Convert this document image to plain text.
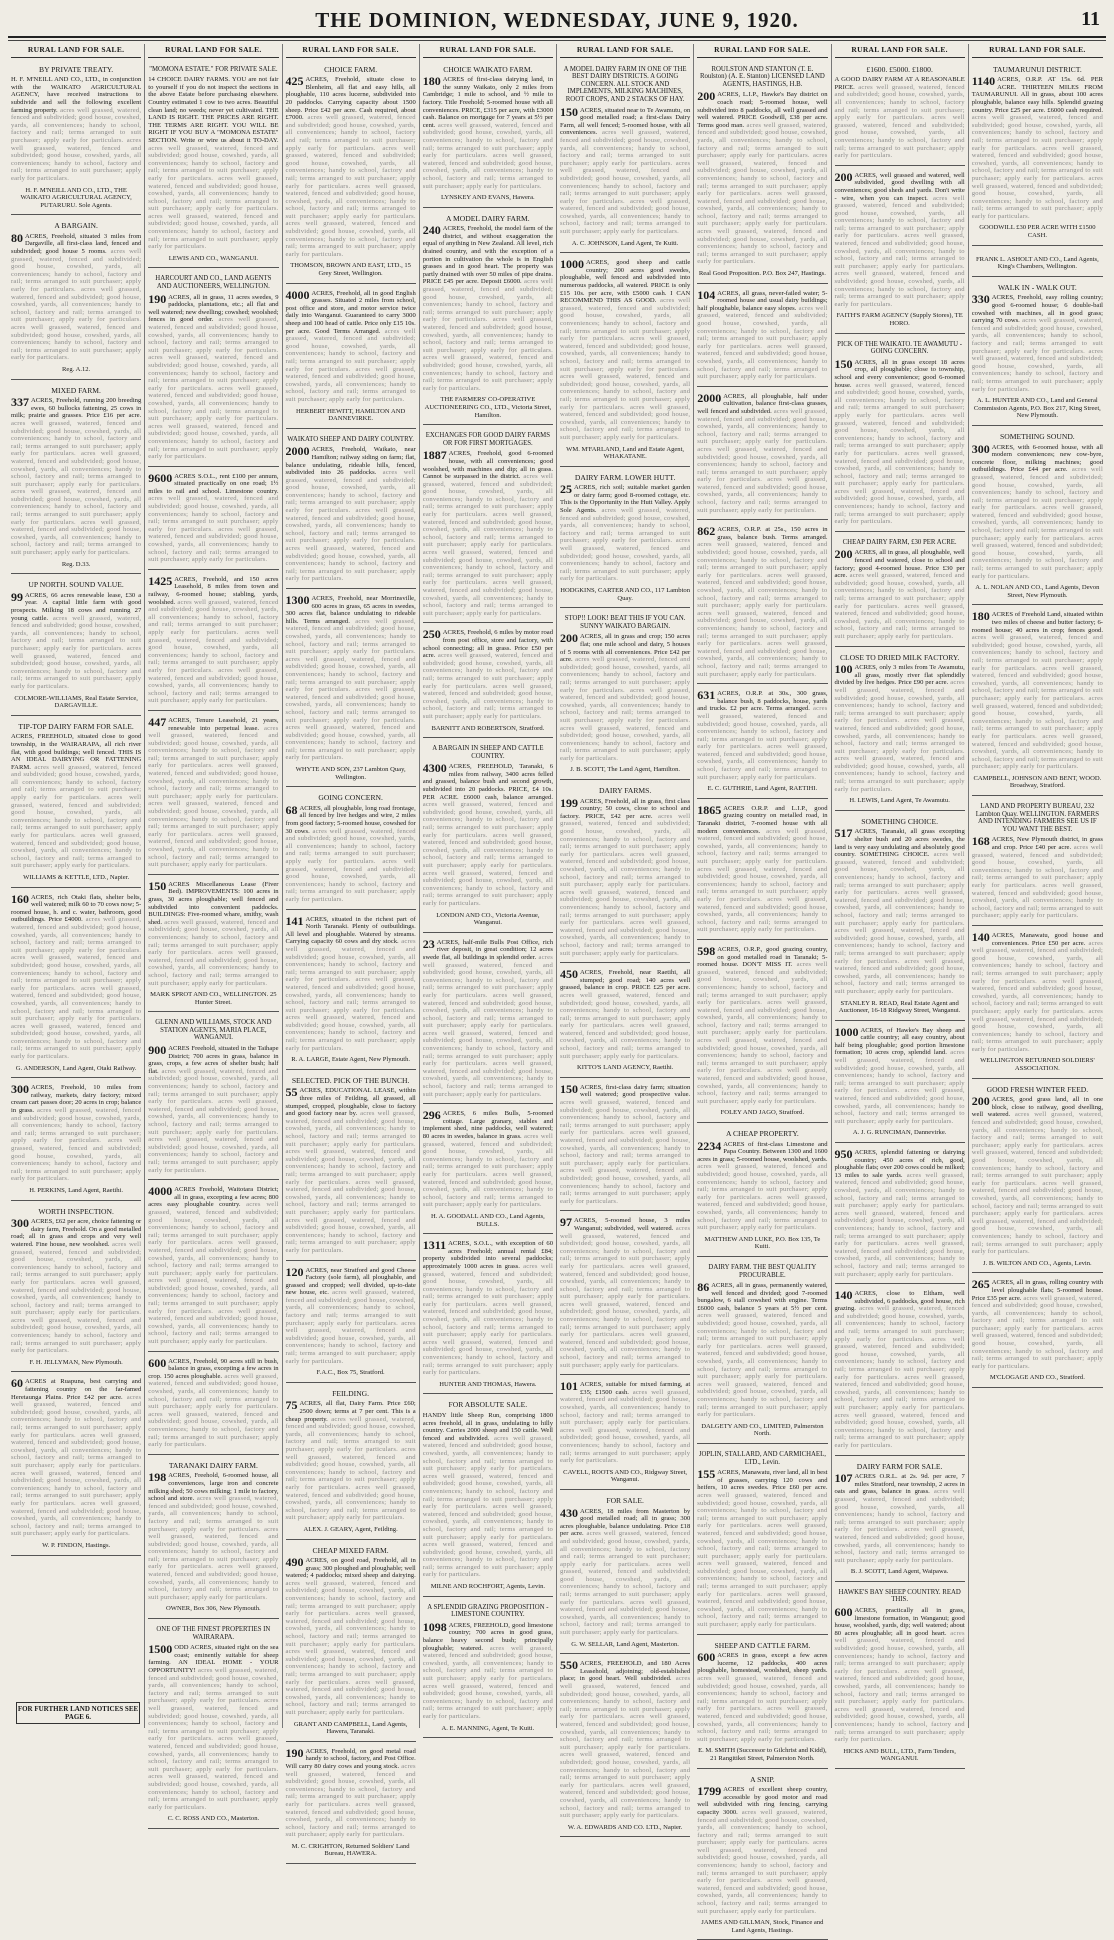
THE DOMINION, WEDNESDAY, JUNE 9, 1920.	11
RURAL LAND FOR SALE.
BY PRIVATE TREATY.
H. F. M'NEILL AND CO., LTD., in conjunction with the WAIKATO AGRICULTURAL AGENCY, have received instructions to subdivide and sell the following excellent farming property. acres well grassed, watered, fenced and subdivided; good house, cowshed, yards, all conveniences; handy to school, factory and rail; terms arranged to suit purchaser; apply early for particulars. acres well grassed, watered, fenced and subdivided; good house, cowshed, yards, all conveniences; handy to school, factory and rail; terms arranged to suit purchaser; apply early for particulars.
H. F. M'NEILL AND CO., LTD., THE WAIKATO AGRICULTURAL AGENCY, PUTARURU. Sole Agents.
A BARGAIN.
80 ACRES, Freehold, situated 3 miles from Dargaville, all first-class land, fenced and subdivided; good house 5 rooms. acres well grassed, watered, fenced and subdivided; good house, cowshed, yards, all conveniences; handy to school, factory and rail; terms arranged to suit purchaser; apply early for particulars. acres well grassed, watered, fenced and subdivided; good house, cowshed, yards, all conveniences; handy to school, factory and rail; terms arranged to suit purchaser; apply early for particulars. acres well grassed, watered, fenced and subdivided; good house, cowshed, yards, all conveniences; handy to school, factory and rail; terms arranged to suit purchaser; apply early for particulars.
Reg. A.12.
MIXED FARM.
337 ACRES, Freehold, running 200 breeding ewes, 60 bullocks fattening, 25 cows in milk; prairie and grasses. Price £16 per acre. acres well grassed, watered, fenced and subdivided; good house, cowshed, yards, all conveniences; handy to school, factory and rail; terms arranged to suit purchaser; apply early for particulars. acres well grassed, watered, fenced and subdivided; good house, cowshed, yards, all conveniences; handy to school, factory and rail; terms arranged to suit purchaser; apply early for particulars. acres well grassed, watered, fenced and subdivided; good house, cowshed, yards, all conveniences; handy to school, factory and rail; terms arranged to suit purchaser; apply early for particulars. acres well grassed, watered, fenced and subdivided; good house, cowshed, yards, all conveniences; handy to school, factory and rail; terms arranged to suit purchaser; apply early for particulars.
Reg. D.33.
UP NORTH. SOUND VALUE.
99 ACRES, 66 acres renewable lease, £30 a year. A capital little farm with good prospects. Milking 18 cows and running 27 young cattle. acres well grassed, watered, fenced and subdivided; good house, cowshed, yards, all conveniences; handy to school, factory and rail; terms arranged to suit purchaser; apply early for particulars. acres well grassed, watered, fenced and subdivided; good house, cowshed, yards, all conveniences; handy to school, factory and rail; terms arranged to suit purchaser; apply early for particulars.
COLMORE-WILLIAMS, Real Estate Service, DARGAVILLE.
TIP-TOP DAIRY FARM FOR SALE.
ACRES, FREEHOLD, situated close to good township, in the WAIRARAPA, all rich river flat, with good buildings; well fenced. THIS IS AN IDEAL DAIRYING OR FATTENING FARM. acres well grassed, watered, fenced and subdivided; good house, cowshed, yards, all conveniences; handy to school, factory and rail; terms arranged to suit purchaser; apply early for particulars. acres well grassed, watered, fenced and subdivided; good house, cowshed, yards, all conveniences; handy to school, factory and rail; terms arranged to suit purchaser; apply early for particulars. acres well grassed, watered, fenced and subdivided; good house, cowshed, yards, all conveniences; handy to school, factory and rail; terms arranged to suit purchaser; apply early for particulars.
WILLIAMS & KETTLE, LTD., Napier.
160 ACRES, rich Otaki flats, shelter belts, well watered; milk 60 to 70 cows now; 5-roomed house, h. and c. water, bathroom, good outbuildings. Price £4000. acres well grassed, watered, fenced and subdivided; good house, cowshed, yards, all conveniences; handy to school, factory and rail; terms arranged to suit purchaser; apply early for particulars. acres well grassed, watered, fenced and subdivided; good house, cowshed, yards, all conveniences; handy to school, factory and rail; terms arranged to suit purchaser; apply early for particulars. acres well grassed, watered, fenced and subdivided; good house, cowshed, yards, all conveniences; handy to school, factory and rail; terms arranged to suit purchaser; apply early for particulars. acres well grassed, watered, fenced and subdivided; good house, cowshed, yards, all conveniences; handy to school, factory and rail; terms arranged to suit purchaser; apply early for particulars.
G. ANDERSON, Land Agent, Otaki Railway.
300 ACRES, Freehold, 10 miles from railway, markets, dairy factory; mixed cream cart passes door; 20 acres in crop; balance in grass. acres well grassed, watered, fenced and subdivided; good house, cowshed, yards, all conveniences; handy to school, factory and rail; terms arranged to suit purchaser; apply early for particulars. acres well grassed, watered, fenced and subdivided; good house, cowshed, yards, all conveniences; handy to school, factory and rail; terms arranged to suit purchaser; apply early for particulars.
H. PERKINS, Land Agent, Raetihi.
WORTH INSPECTION.
300 ACRES, £62 per acre, choice fattening or dairy farm, Freehold. On a good metalled road; all in grass and crops and very well watered. Fine house, new woolshed. acres well grassed, watered, fenced and subdivided; good house, cowshed, yards, all conveniences; handy to school, factory and rail; terms arranged to suit purchaser; apply early for particulars. acres well grassed, watered, fenced and subdivided; good house, cowshed, yards, all conveniences; handy to school, factory and rail; terms arranged to suit purchaser; apply early for particulars. acres well grassed, watered, fenced and subdivided; good house, cowshed, yards, all conveniences; handy to school, factory and rail; terms arranged to suit purchaser; apply early for particulars.
F. H. JELLYMAN, New Plymouth.
60 ACRES at Ruapuna, best carrying and fattening country on the far-famed Heretaunga Plains. Price £42 per acre. acres well grassed, watered, fenced and subdivided; good house, cowshed, yards, all conveniences; handy to school, factory and rail; terms arranged to suit purchaser; apply early for particulars. acres well grassed, watered, fenced and subdivided; good house, cowshed, yards, all conveniences; handy to school, factory and rail; terms arranged to suit purchaser; apply early for particulars. acres well grassed, watered, fenced and subdivided; good house, cowshed, yards, all conveniences; handy to school, factory and rail; terms arranged to suit purchaser; apply early for particulars. acres well grassed, watered, fenced and subdivided; good house, cowshed, yards, all conveniences; handy to school, factory and rail; terms arranged to suit purchaser; apply early for particulars.
W. P. FINDON, Hastings.
RURAL LAND FOR SALE.
"MOMONA ESTATE." FOR PRIVATE SALE.
14 CHOICE DAIRY FARMS. YOU are not fair to yourself if you do not inspect the sections in the above Estate before purchasing elsewhere. Country estimated 1 cow to two acres. Beautiful clean land; no weeds; never yet cultivated. THE LAND IS RIGHT. THE PRICES ARE RIGHT. THE TERMS ARE RIGHT. YOU WILL BE RIGHT IF YOU BUY A "MOMONA ESTATE" SECTION. Write or wire us about it TO-DAY. acres well grassed, watered, fenced and subdivided; good house, cowshed, yards, all conveniences; handy to school, factory and rail; terms arranged to suit purchaser; apply early for particulars. acres well grassed, watered, fenced and subdivided; good house, cowshed, yards, all conveniences; handy to school, factory and rail; terms arranged to suit purchaser; apply early for particulars. acres well grassed, watered, fenced and subdivided; good house, cowshed, yards, all conveniences; handy to school, factory and rail; terms arranged to suit purchaser; apply early for particulars.
LEWIS AND CO., WANGANUI.
HARCOURT AND CO., LAND AGENTS AND AUCTIONEERS, WELLINGTON.
190 ACRES, all in grass, 11 acres swedes, 9 paddocks, plantations, etc.; all flat and well watered; new dwelling; cowshed; woolshed; fences in good order. acres well grassed, watered, fenced and subdivided; good house, cowshed, yards, all conveniences; handy to school, factory and rail; terms arranged to suit purchaser; apply early for particulars. acres well grassed, watered, fenced and subdivided; good house, cowshed, yards, all conveniences; handy to school, factory and rail; terms arranged to suit purchaser; apply early for particulars. acres well grassed, watered, fenced and subdivided; good house, cowshed, yards, all conveniences; handy to school, factory and rail; terms arranged to suit purchaser; apply early for particulars. acres well grassed, watered, fenced and subdivided; good house, cowshed, yards, all conveniences; handy to school, factory and rail; terms arranged to suit purchaser; apply early for particulars.
9600 ACRES S.O.L., rent £100 per annum, situated practically on one road; 1½ miles to rail and school. Limestone country. acres well grassed, watered, fenced and subdivided; good house, cowshed, yards, all conveniences; handy to school, factory and rail; terms arranged to suit purchaser; apply early for particulars. acres well grassed, watered, fenced and subdivided; good house, cowshed, yards, all conveniences; handy to school, factory and rail; terms arranged to suit purchaser; apply early for particulars.
1425 ACRES, Freehold, and 150 acres Leasehold, 8 miles from town and railway, 6-roomed house; stabling, yards, woolshed. acres well grassed, watered, fenced and subdivided; good house, cowshed, yards, all conveniences; handy to school, factory and rail; terms arranged to suit purchaser; apply early for particulars. acres well grassed, watered, fenced and subdivided; good house, cowshed, yards, all conveniences; handy to school, factory and rail; terms arranged to suit purchaser; apply early for particulars. acres well grassed, watered, fenced and subdivided; good house, cowshed, yards, all conveniences; handy to school, factory and rail; terms arranged to suit purchaser; apply early for particulars.
447 ACRES, Tenure Leasehold, 21 years, renewable into perpetual lease. acres well grassed, watered, fenced and subdivided; good house, cowshed, yards, all conveniences; handy to school, factory and rail; terms arranged to suit purchaser; apply early for particulars. acres well grassed, watered, fenced and subdivided; good house, cowshed, yards, all conveniences; handy to school, factory and rail; terms arranged to suit purchaser; apply early for particulars. acres well grassed, watered, fenced and subdivided; good house, cowshed, yards, all conveniences; handy to school, factory and rail; terms arranged to suit purchaser; apply early for particulars. acres well grassed, watered, fenced and subdivided; good house, cowshed, yards, all conveniences; handy to school, factory and rail; terms arranged to suit purchaser; apply early for particulars.
150 ACRES Miscellaneous Lease (Fiver Bed). IMPROVEMENTS: 100 acres in grass, 30 acres ploughable; well fenced and subdivided into convenient paddocks. BUILDINGS: Five-roomed whare, smithy, wash shed. acres well grassed, watered, fenced and subdivided; good house, cowshed, yards, all conveniences; handy to school, factory and rail; terms arranged to suit purchaser; apply early for particulars. acres well grassed, watered, fenced and subdivided; good house, cowshed, yards, all conveniences; handy to school, factory and rail; terms arranged to suit purchaser; apply early for particulars.
MARK SPROT AND CO., WELLINGTON. 25 Hunter Street.
GLENN AND WILLIAMS, STOCK AND STATION AGENTS, MARIA PLACE, WANGANUI.
900 ACRES Freehold, situated in the Taihape District; 700 acres in grass, balance in grass, crops, a few acres of shelter bush; half flat. acres well grassed, watered, fenced and subdivided; good house, cowshed, yards, all conveniences; handy to school, factory and rail; terms arranged to suit purchaser; apply early for particulars. acres well grassed, watered, fenced and subdivided; good house, cowshed, yards, all conveniences; handy to school, factory and rail; terms arranged to suit purchaser; apply early for particulars. acres well grassed, watered, fenced and subdivided; good house, cowshed, yards, all conveniences; handy to school, factory and rail; terms arranged to suit purchaser; apply early for particulars.
4000 ACRES Freehold, Waitotara District; all in grass, excepting a few acres; 800 acres easy ploughable country. acres well grassed, watered, fenced and subdivided; good house, cowshed, yards, all conveniences; handy to school, factory and rail; terms arranged to suit purchaser; apply early for particulars. acres well grassed, watered, fenced and subdivided; good house, cowshed, yards, all conveniences; handy to school, factory and rail; terms arranged to suit purchaser; apply early for particulars. acres well grassed, watered, fenced and subdivided; good house, cowshed, yards, all conveniences; handy to school, factory and rail; terms arranged to suit purchaser; apply early for particulars. acres well grassed, watered, fenced and subdivided; good house, cowshed, yards, all conveniences; handy to school, factory and rail; terms arranged to suit purchaser; apply early for particulars.
600 ACRES, Freehold, 90 acres still in bush, balance in grass, excepting a few acres in crop. 150 acres ploughable. acres well grassed, watered, fenced and subdivided; good house, cowshed, yards, all conveniences; handy to school, factory and rail; terms arranged to suit purchaser; apply early for particulars. acres well grassed, watered, fenced and subdivided; good house, cowshed, yards, all conveniences; handy to school, factory and rail; terms arranged to suit purchaser; apply early for particulars.
TARANAKI DAIRY FARM.
198 ACRES, Freehold, 6-roomed house, all conveniences, large iron and concrete milking shed; 50 cows milking; 1 mile to factory, school and store. acres well grassed, watered, fenced and subdivided; good house, cowshed, yards, all conveniences; handy to school, factory and rail; terms arranged to suit purchaser; apply early for particulars. acres well grassed, watered, fenced and subdivided; good house, cowshed, yards, all conveniences; handy to school, factory and rail; terms arranged to suit purchaser; apply early for particulars. acres well grassed, watered, fenced and subdivided; good house, cowshed, yards, all conveniences; handy to school, factory and rail; terms arranged to suit purchaser; apply early for particulars.
OWNER, Box 306, New Plymouth.
ONE OF THE FINEST PROPERTIES IN WAIRARAPA.
1500 ODD ACRES, situated right on the sea coast; eminently suitable for sheep farming. AN IDEAL HOME - YOUR OPPORTUNITY! acres well grassed, watered, fenced and subdivided; good house, cowshed, yards, all conveniences; handy to school, factory and rail; terms arranged to suit purchaser; apply early for particulars. acres well grassed, watered, fenced and subdivided; good house, cowshed, yards, all conveniences; handy to school, factory and rail; terms arranged to suit purchaser; apply early for particulars. acres well grassed, watered, fenced and subdivided; good house, cowshed, yards, all conveniences; handy to school, factory and rail; terms arranged to suit purchaser; apply early for particulars. acres well grassed, watered, fenced and subdivided; good house, cowshed, yards, all conveniences; handy to school, factory and rail; terms arranged to suit purchaser; apply early for particulars.
C. C. ROSS AND CO., Masterton.
RURAL LAND FOR SALE.
CHOICE FARM.
425 ACRES, Freehold, situate close to Blenheim, all flat and easy hills, all ploughable, 110 acres lucerne, subdivided into 20 paddocks. Carrying capacity about 1500 sheep. Price £42 per acre. Cash required, about £7000. acres well grassed, watered, fenced and subdivided; good house, cowshed, yards, all conveniences; handy to school, factory and rail; terms arranged to suit purchaser; apply early for particulars. acres well grassed, watered, fenced and subdivided; good house, cowshed, yards, all conveniences; handy to school, factory and rail; terms arranged to suit purchaser; apply early for particulars. acres well grassed, watered, fenced and subdivided; good house, cowshed, yards, all conveniences; handy to school, factory and rail; terms arranged to suit purchaser; apply early for particulars. acres well grassed, watered, fenced and subdivided; good house, cowshed, yards, all conveniences; handy to school, factory and rail; terms arranged to suit purchaser; apply early for particulars.
THOMSON, BROWN AND EAST, LTD., 15 Grey Street, Wellington.
4000 ACRES, Freehold, all in good English grasses. Situated 2 miles from school, post office and store, and motor service twice daily into Wanganui. Guaranteed to carry 3000 sheep and 100 head of cattle. Price only £15 10s. per acre. Good Terms Arranged. acres well grassed, watered, fenced and subdivided; good house, cowshed, yards, all conveniences; handy to school, factory and rail; terms arranged to suit purchaser; apply early for particulars. acres well grassed, watered, fenced and subdivided; good house, cowshed, yards, all conveniences; handy to school, factory and rail; terms arranged to suit purchaser; apply early for particulars.
HERBERT HEWITT, HAMILTON AND DANNEVIRKE.
WAIKATO SHEEP AND DAIRY COUNTRY.
2000 ACRES, Freehold, Waikato, near Hamilton; railway siding on farm; flat, balance undulating, rideable hills, fenced, subdivided into 26 paddocks. acres well grassed, watered, fenced and subdivided; good house, cowshed, yards, all conveniences; handy to school, factory and rail; terms arranged to suit purchaser; apply early for particulars. acres well grassed, watered, fenced and subdivided; good house, cowshed, yards, all conveniences; handy to school, factory and rail; terms arranged to suit purchaser; apply early for particulars. acres well grassed, watered, fenced and subdivided; good house, cowshed, yards, all conveniences; handy to school, factory and rail; terms arranged to suit purchaser; apply early for particulars.
1300 ACRES, Freehold, near Morrinsville, 600 acres in grass, 65 acres in swedes, 300 acres flat, balance undulating to rideable hills. Terms arranged. acres well grassed, watered, fenced and subdivided; good house, cowshed, yards, all conveniences; handy to school, factory and rail; terms arranged to suit purchaser; apply early for particulars. acres well grassed, watered, fenced and subdivided; good house, cowshed, yards, all conveniences; handy to school, factory and rail; terms arranged to suit purchaser; apply early for particulars. acres well grassed, watered, fenced and subdivided; good house, cowshed, yards, all conveniences; handy to school, factory and rail; terms arranged to suit purchaser; apply early for particulars. acres well grassed, watered, fenced and subdivided; good house, cowshed, yards, all conveniences; handy to school, factory and rail; terms arranged to suit purchaser; apply early for particulars.
WHYTE AND SON, 237 Lambton Quay, Wellington.
GOING CONCERN.
68 ACRES, all ploughable, long road frontage, all fenced by live hedges and wire, 2 miles from good factory; 5-roomed house, cowshed for 30 cows. acres well grassed, watered, fenced and subdivided; good house, cowshed, yards, all conveniences; handy to school, factory and rail; terms arranged to suit purchaser; apply early for particulars. acres well grassed, watered, fenced and subdivided; good house, cowshed, yards, all conveniences; handy to school, factory and rail; terms arranged to suit purchaser; apply early for particulars.
141 ACRES, situated in the richest part of North Taranaki. Plenty of outbuildings. All level and ploughable. Watered by streams. Carrying capacity 60 cows and dry stock. acres well grassed, watered, fenced and subdivided; good house, cowshed, yards, all conveniences; handy to school, factory and rail; terms arranged to suit purchaser; apply early for particulars. acres well grassed, watered, fenced and subdivided; good house, cowshed, yards, all conveniences; handy to school, factory and rail; terms arranged to suit purchaser; apply early for particulars. acres well grassed, watered, fenced and subdivided; good house, cowshed, yards, all conveniences; handy to school, factory and rail; terms arranged to suit purchaser; apply early for particulars.
R. A. LARGE, Estate Agent, New Plymouth.
SELECTED. PICK OF THE BUNCH.
55 ACRES, EDUCATIONAL LEASE, within three miles of Feilding, all grassed, all stumped, cropped, ploughable, close to factory and good factory near by. acres well grassed, watered, fenced and subdivided; good house, cowshed, yards, all conveniences; handy to school, factory and rail; terms arranged to suit purchaser; apply early for particulars. acres well grassed, watered, fenced and subdivided; good house, cowshed, yards, all conveniences; handy to school, factory and rail; terms arranged to suit purchaser; apply early for particulars. acres well grassed, watered, fenced and subdivided; good house, cowshed, yards, all conveniences; handy to school, factory and rail; terms arranged to suit purchaser; apply early for particulars. acres well grassed, watered, fenced and subdivided; good house, cowshed, yards, all conveniences; handy to school, factory and rail; terms arranged to suit purchaser; apply early for particulars.
120 ACRES, near Stratford and good Cheese Factory (sole farm), all ploughable, and grassed and cropped; well divided, up-to-date new house, etc. acres well grassed, watered, fenced and subdivided; good house, cowshed, yards, all conveniences; handy to school, factory and rail; terms arranged to suit purchaser; apply early for particulars. acres well grassed, watered, fenced and subdivided; good house, cowshed, yards, all conveniences; handy to school, factory and rail; terms arranged to suit purchaser; apply early for particulars.
F.A.C., Box 75, Stratford.
FEILDING.
75 ACRES, all flat, Dairy Farm. Price £60; 2500 down; terms at 7 per cent. This is a cheap property. acres well grassed, watered, fenced and subdivided; good house, cowshed, yards, all conveniences; handy to school, factory and rail; terms arranged to suit purchaser; apply early for particulars. acres well grassed, watered, fenced and subdivided; good house, cowshed, yards, all conveniences; handy to school, factory and rail; terms arranged to suit purchaser; apply early for particulars. acres well grassed, watered, fenced and subdivided; good house, cowshed, yards, all conveniences; handy to school, factory and rail; terms arranged to suit purchaser; apply early for particulars.
ALEX. J. GEARY, Agent, Feilding.
CHEAP MIXED FARM.
490 ACRES, on good road, Freehold, all in grass; 300 ploughed and ploughable; well watered; 4 paddocks; mixed sheep and dairying. acres well grassed, watered, fenced and subdivided; good house, cowshed, yards, all conveniences; handy to school, factory and rail; terms arranged to suit purchaser; apply early for particulars. acres well grassed, watered, fenced and subdivided; good house, cowshed, yards, all conveniences; handy to school, factory and rail; terms arranged to suit purchaser; apply early for particulars. acres well grassed, watered, fenced and subdivided; good house, cowshed, yards, all conveniences; handy to school, factory and rail; terms arranged to suit purchaser; apply early for particulars. acres well grassed, watered, fenced and subdivided; good house, cowshed, yards, all conveniences; handy to school, factory and rail; terms arranged to suit purchaser; apply early for particulars.
GRANT AND CAMPBELL, Land Agents, Hawera, Taranaki.
190 ACRES, Freehold, on good metal road handy to school, factory, and Post Office. Will carry 80 dairy cows and young stock. acres well grassed, watered, fenced and subdivided; good house, cowshed, yards, all conveniences; handy to school, factory and rail; terms arranged to suit purchaser; apply early for particulars. acres well grassed, watered, fenced and subdivided; good house, cowshed, yards, all conveniences; handy to school, factory and rail; terms arranged to suit purchaser; apply early for particulars.
M. C. CRIGHTON, Returned Soldiers' Land Bureau, HAWERA.
RURAL LAND FOR SALE.
CHOICE WAIKATO FARM.
180 ACRES of first-class dairying land, in the sunny Waikato, only 2 miles from Cambridge; 1 mile to school, and ½ mile to factory. Title Freehold; 5-roomed house with all conveniences. PRICE, £315 per acre, with £3000 cash. Balance on mortgage for 7 years at 5½ per cent. acres well grassed, watered, fenced and subdivided; good house, cowshed, yards, all conveniences; handy to school, factory and rail; terms arranged to suit purchaser; apply early for particulars. acres well grassed, watered, fenced and subdivided; good house, cowshed, yards, all conveniences; handy to school, factory and rail; terms arranged to suit purchaser; apply early for particulars.
LYNSKEY AND EVANS, Hawera.
A MODEL DAIRY FARM.
240 ACRES, Freehold, the model farm of the district, and without exaggeration the equal of anything in New Zealand. All level, rich drained country, and with the exception of a portion in cultivation the whole is in English grasses and in good heart. The property was partly drained with over 50 miles of pipe drains. PRICE £45 per acre. Deposit £6000. acres well grassed, watered, fenced and subdivided; good house, cowshed, yards, all conveniences; handy to school, factory and rail; terms arranged to suit purchaser; apply early for particulars. acres well grassed, watered, fenced and subdivided; good house, cowshed, yards, all conveniences; handy to school, factory and rail; terms arranged to suit purchaser; apply early for particulars. acres well grassed, watered, fenced and subdivided; good house, cowshed, yards, all conveniences; handy to school, factory and rail; terms arranged to suit purchaser; apply early for particulars.
THE FARMERS' CO-OPERATIVE AUCTIONEERING CO., LTD., Victoria Street, Hamilton.
EXCHANGES FOR GOOD DAIRY FARMS OR FOR FIRST MORTGAGES.
1887 ACRES, Freehold, good 6-roomed house, with all conveniences; good woolshed, with machines and dip; all in grass. Cannot be surpassed in the district. acres well grassed, watered, fenced and subdivided; good house, cowshed, yards, all conveniences; handy to school, factory and rail; terms arranged to suit purchaser; apply early for particulars. acres well grassed, watered, fenced and subdivided; good house, cowshed, yards, all conveniences; handy to school, factory and rail; terms arranged to suit purchaser; apply early for particulars. acres well grassed, watered, fenced and subdivided; good house, cowshed, yards, all conveniences; handy to school, factory and rail; terms arranged to suit purchaser; apply early for particulars. acres well grassed, watered, fenced and subdivided; good house, cowshed, yards, all conveniences; handy to school, factory and rail; terms arranged to suit purchaser; apply early for particulars.
250 ACRES, Freehold, 6 miles by motor road from post office, store and factory, with school connecting; all in grass. Price £50 per acre. acres well grassed, watered, fenced and subdivided; good house, cowshed, yards, all conveniences; handy to school, factory and rail; terms arranged to suit purchaser; apply early for particulars. acres well grassed, watered, fenced and subdivided; good house, cowshed, yards, all conveniences; handy to school, factory and rail; terms arranged to suit purchaser; apply early for particulars.
BARNITT AND ROBERTSON, Stratford.
A BARGAIN IN SHEEP AND CATTLE COUNTRY.
4300 ACRES, FREEHOLD, Taranaki, 6 miles from railway, 3400 acres felled and grassed, balance bush and second growth, subdivided into 20 paddocks. PRICE, £4 10s. PER ACRE. £6000 cash, balance arranged. acres well grassed, watered, fenced and subdivided; good house, cowshed, yards, all conveniences; handy to school, factory and rail; terms arranged to suit purchaser; apply early for particulars. acres well grassed, watered, fenced and subdivided; good house, cowshed, yards, all conveniences; handy to school, factory and rail; terms arranged to suit purchaser; apply early for particulars. acres well grassed, watered, fenced and subdivided; good house, cowshed, yards, all conveniences; handy to school, factory and rail; terms arranged to suit purchaser; apply early for particulars.
LONDON AND CO., Victoria Avenue, Wanganui.
23 ACRES, half-mile Bulls Post Office, rich river deposit, in great condition; 12 acres swede flat, all buildings in splendid order. acres well grassed, watered, fenced and subdivided; good house, cowshed, yards, all conveniences; handy to school, factory and rail; terms arranged to suit purchaser; apply early for particulars. acres well grassed, watered, fenced and subdivided; good house, cowshed, yards, all conveniences; handy to school, factory and rail; terms arranged to suit purchaser; apply early for particulars. acres well grassed, watered, fenced and subdivided; good house, cowshed, yards, all conveniences; handy to school, factory and rail; terms arranged to suit purchaser; apply early for particulars. acres well grassed, watered, fenced and subdivided; good house, cowshed, yards, all conveniences; handy to school, factory and rail; terms arranged to suit purchaser; apply early for particulars.
296 ACRES, 6 miles Bulls, 5-roomed cottage. Large granary, stables and implement shed, nine paddocks, well watered; 80 acres in swedes, balance in grass. acres well grassed, watered, fenced and subdivided; good house, cowshed, yards, all conveniences; handy to school, factory and rail; terms arranged to suit purchaser; apply early for particulars. acres well grassed, watered, fenced and subdivided; good house, cowshed, yards, all conveniences; handy to school, factory and rail; terms arranged to suit purchaser; apply early for particulars.
H. A. GOODALL AND CO., Land Agents, BULLS.
1311 ACRES, S.O.L., with exception of 60 acres Freehold; annual rental £84; property subdivided into several paddocks; approximately 1000 acres in grass. acres well grassed, watered, fenced and subdivided; good house, cowshed, yards, all conveniences; handy to school, factory and rail; terms arranged to suit purchaser; apply early for particulars. acres well grassed, watered, fenced and subdivided; good house, cowshed, yards, all conveniences; handy to school, factory and rail; terms arranged to suit purchaser; apply early for particulars. acres well grassed, watered, fenced and subdivided; good house, cowshed, yards, all conveniences; handy to school, factory and rail; terms arranged to suit purchaser; apply early for particulars.
HUNTER AND THOMAS, Hawera.
FOR ABSOLUTE SALE.
HANDY little Sheep Run, comprising 1800 acres freehold, all in grass, undulating to hilly country. Carries 2000 sheep and 150 cattle. Well fenced and subdivided. acres well grassed, watered, fenced and subdivided; good house, cowshed, yards, all conveniences; handy to school, factory and rail; terms arranged to suit purchaser; apply early for particulars. acres well grassed, watered, fenced and subdivided; good house, cowshed, yards, all conveniences; handy to school, factory and rail; terms arranged to suit purchaser; apply early for particulars. acres well grassed, watered, fenced and subdivided; good house, cowshed, yards, all conveniences; handy to school, factory and rail; terms arranged to suit purchaser; apply early for particulars. acres well grassed, watered, fenced and subdivided; good house, cowshed, yards, all conveniences; handy to school, factory and rail; terms arranged to suit purchaser; apply early for particulars.
MILNE AND ROCHFORT, Agents, Levin.
A SPLENDID GRAZING PROPOSITION - LIMESTONE COUNTRY.
1098 ACRES, FREEHOLD, good limestone country; 700 acres in good grass, balance heavy second bush; principally ploughable; watered. acres well grassed, watered, fenced and subdivided; good house, cowshed, yards, all conveniences; handy to school, factory and rail; terms arranged to suit purchaser; apply early for particulars. acres well grassed, watered, fenced and subdivided; good house, cowshed, yards, all conveniences; handy to school, factory and rail; terms arranged to suit purchaser; apply early for particulars.
A. E. MANNING, Agent, Te Kuiti.
RURAL LAND FOR SALE.
A MODEL DAIRY FARM IN ONE OF THE BEST DAIRY DISTRICTS. A GOING CONCERN. ALL STOCK AND IMPLEMENTS, MILKING MACHINES, ROOT CROPS, AND 2 STACKS OF HAY.
150 ACRES, situated near to Te Awamutu, on good metalled road; a first-class Dairy Farm, all well fenced; 5-roomed house, with all conveniences. acres well grassed, watered, fenced and subdivided; good house, cowshed, yards, all conveniences; handy to school, factory and rail; terms arranged to suit purchaser; apply early for particulars. acres well grassed, watered, fenced and subdivided; good house, cowshed, yards, all conveniences; handy to school, factory and rail; terms arranged to suit purchaser; apply early for particulars. acres well grassed, watered, fenced and subdivided; good house, cowshed, yards, all conveniences; handy to school, factory and rail; terms arranged to suit purchaser; apply early for particulars.
A. C. JOHNSON, Land Agent, Te Kuiti.
1000 ACRES, good sheep and cattle country; 200 acres good swedes, ploughable, well fenced and subdivided into numerous paddocks, all watered. PRICE is only £15 10s. per acre, with £5000 cash. I CAN RECOMMEND THIS AS GOOD. acres well grassed, watered, fenced and subdivided; good house, cowshed, yards, all conveniences; handy to school, factory and rail; terms arranged to suit purchaser; apply early for particulars. acres well grassed, watered, fenced and subdivided; good house, cowshed, yards, all conveniences; handy to school, factory and rail; terms arranged to suit purchaser; apply early for particulars. acres well grassed, watered, fenced and subdivided; good house, cowshed, yards, all conveniences; handy to school, factory and rail; terms arranged to suit purchaser; apply early for particulars. acres well grassed, watered, fenced and subdivided; good house, cowshed, yards, all conveniences; handy to school, factory and rail; terms arranged to suit purchaser; apply early for particulars.
WM. M'FARLAND, Land and Estate Agent, WHAKATANE.
DAIRY FARM. LOWER HUTT.
25 ACRES, rich soil; suitable market garden or dairy farm; good 8-roomed cottage, etc. This is the Opportunity in the Hutt Valley. Apply Sole Agents. acres well grassed, watered, fenced and subdivided; good house, cowshed, yards, all conveniences; handy to school, factory and rail; terms arranged to suit purchaser; apply early for particulars. acres well grassed, watered, fenced and subdivided; good house, cowshed, yards, all conveniences; handy to school, factory and rail; terms arranged to suit purchaser; apply early for particulars.
HODGKINS, CARTER AND CO., 117 Lambton Quay.
STOP!! LOOK! BEAT THIS IF YOU CAN. SUNNY WAIKATO BARGAIN.
200 ACRES, all in grass and crop; 150 acres flat; one mile school and dairy, 5 houses of 5 rooms with all conveniences. Price £42 per acre. acres well grassed, watered, fenced and subdivided; good house, cowshed, yards, all conveniences; handy to school, factory and rail; terms arranged to suit purchaser; apply early for particulars. acres well grassed, watered, fenced and subdivided; good house, cowshed, yards, all conveniences; handy to school, factory and rail; terms arranged to suit purchaser; apply early for particulars. acres well grassed, watered, fenced and subdivided; good house, cowshed, yards, all conveniences; handy to school, factory and rail; terms arranged to suit purchaser; apply early for particulars.
J. B. SCOTT, The Land Agent, Hamilton.
DAIRY FARMS.
199 ACRES, Freehold, all in grass, first class country; 50 cows, close to school and factory. PRICE, £42 per acre. acres well grassed, watered, fenced and subdivided; good house, cowshed, yards, all conveniences; handy to school, factory and rail; terms arranged to suit purchaser; apply early for particulars. acres well grassed, watered, fenced and subdivided; good house, cowshed, yards, all conveniences; handy to school, factory and rail; terms arranged to suit purchaser; apply early for particulars. acres well grassed, watered, fenced and subdivided; good house, cowshed, yards, all conveniences; handy to school, factory and rail; terms arranged to suit purchaser; apply early for particulars. acres well grassed, watered, fenced and subdivided; good house, cowshed, yards, all conveniences; handy to school, factory and rail; terms arranged to suit purchaser; apply early for particulars.
450 ACRES, Freehold, near Raetihi, all stumped; good road; 140 acres well grassed, balance in crop. PRICE £25 per acre. acres well grassed, watered, fenced and subdivided; good house, cowshed, yards, all conveniences; handy to school, factory and rail; terms arranged to suit purchaser; apply early for particulars. acres well grassed, watered, fenced and subdivided; good house, cowshed, yards, all conveniences; handy to school, factory and rail; terms arranged to suit purchaser; apply early for particulars.
KITTO'S LAND AGENCY, Raetihi.
150 ACRES, first-class dairy farm; situation well watered; good prospective value. acres well grassed, watered, fenced and subdivided; good house, cowshed, yards, all conveniences; handy to school, factory and rail; terms arranged to suit purchaser; apply early for particulars. acres well grassed, watered, fenced and subdivided; good house, cowshed, yards, all conveniences; handy to school, factory and rail; terms arranged to suit purchaser; apply early for particulars. acres well grassed, watered, fenced and subdivided; good house, cowshed, yards, all conveniences; handy to school, factory and rail; terms arranged to suit purchaser; apply early for particulars.
97 ACRES, 5-roomed house, 3 miles Wanganui; subdivided, well watered. acres well grassed, watered, fenced and subdivided; good house, cowshed, yards, all conveniences; handy to school, factory and rail; terms arranged to suit purchaser; apply early for particulars. acres well grassed, watered, fenced and subdivided; good house, cowshed, yards, all conveniences; handy to school, factory and rail; terms arranged to suit purchaser; apply early for particulars. acres well grassed, watered, fenced and subdivided; good house, cowshed, yards, all conveniences; handy to school, factory and rail; terms arranged to suit purchaser; apply early for particulars. acres well grassed, watered, fenced and subdivided; good house, cowshed, yards, all conveniences; handy to school, factory and rail; terms arranged to suit purchaser; apply early for particulars.
101 ACRES, suitable for mixed farming, at £35; £1500 cash. acres well grassed, watered, fenced and subdivided; good house, cowshed, yards, all conveniences; handy to school, factory and rail; terms arranged to suit purchaser; apply early for particulars. acres well grassed, watered, fenced and subdivided; good house, cowshed, yards, all conveniences; handy to school, factory and rail; terms arranged to suit purchaser; apply early for particulars.
CAVELL, ROOTS AND CO., Ridgway Street, Wanganui.
FOR SALE.
430 ACRES, 18 miles from Masterton by good metalled road; all in grass; 300 acres ploughable, balance undulating. Price £18 per acre. acres well grassed, watered, fenced and subdivided; good house, cowshed, yards, all conveniences; handy to school, factory and rail; terms arranged to suit purchaser; apply early for particulars. acres well grassed, watered, fenced and subdivided; good house, cowshed, yards, all conveniences; handy to school, factory and rail; terms arranged to suit purchaser; apply early for particulars. acres well grassed, watered, fenced and subdivided; good house, cowshed, yards, all conveniences; handy to school, factory and rail; terms arranged to suit purchaser; apply early for particulars.
G. W. SELLAR, Land Agent, Masterton.
550 ACRES, FREEHOLD, and 180 Acres Leasehold, adjoining; old-established place; in good heart. Well subdivided. acres well grassed, watered, fenced and subdivided; good house, cowshed, yards, all conveniences; handy to school, factory and rail; terms arranged to suit purchaser; apply early for particulars. acres well grassed, watered, fenced and subdivided; good house, cowshed, yards, all conveniences; handy to school, factory and rail; terms arranged to suit purchaser; apply early for particulars. acres well grassed, watered, fenced and subdivided; good house, cowshed, yards, all conveniences; handy to school, factory and rail; terms arranged to suit purchaser; apply early for particulars. acres well grassed, watered, fenced and subdivided; good house, cowshed, yards, all conveniences; handy to school, factory and rail; terms arranged to suit purchaser; apply early for particulars.
W. A. EDWARDS AND CO. LTD., Napier.
RURAL LAND FOR SALE.
ROULSTON AND STANTON (T. E. Roulston) (A. E. Stanton) LICENSED LAND AGENTS, HASTINGS, H.B.
200 ACRES, L.I.P., Hawke's Bay district on coach road; 5-roomed house, well subdivided into 8 paddocks, all well grassed and well watered. PRICE Goodwill, £38 per acre. Terms good man. acres well grassed, watered, fenced and subdivided; good house, cowshed, yards, all conveniences; handy to school, factory and rail; terms arranged to suit purchaser; apply early for particulars. acres well grassed, watered, fenced and subdivided; good house, cowshed, yards, all conveniences; handy to school, factory and rail; terms arranged to suit purchaser; apply early for particulars. acres well grassed, watered, fenced and subdivided; good house, cowshed, yards, all conveniences; handy to school, factory and rail; terms arranged to suit purchaser; apply early for particulars. acres well grassed, watered, fenced and subdivided; good house, cowshed, yards, all conveniences; handy to school, factory and rail; terms arranged to suit purchaser; apply early for particulars.
Real Good Proposition. P.O. Box 247, Hastings.
104 ACRES, all grass, never-failed water; 5-roomed house and usual dairy buildings; half ploughable, balance easy slopes. acres well grassed, watered, fenced and subdivided; good house, cowshed, yards, all conveniences; handy to school, factory and rail; terms arranged to suit purchaser; apply early for particulars. acres well grassed, watered, fenced and subdivided; good house, cowshed, yards, all conveniences; handy to school, factory and rail; terms arranged to suit purchaser; apply early for particulars.
2000 ACRES, all ploughable, half under cultivation, balance first-class grasses, well fenced and subdivided. acres well grassed, watered, fenced and subdivided; good house, cowshed, yards, all conveniences; handy to school, factory and rail; terms arranged to suit purchaser; apply early for particulars. acres well grassed, watered, fenced and subdivided; good house, cowshed, yards, all conveniences; handy to school, factory and rail; terms arranged to suit purchaser; apply early for particulars. acres well grassed, watered, fenced and subdivided; good house, cowshed, yards, all conveniences; handy to school, factory and rail; terms arranged to suit purchaser; apply early for particulars.
862 ACRES, O.R.P. at 25s., 150 acres in grass, balance bush. Terms arranged. acres well grassed, watered, fenced and subdivided; good house, cowshed, yards, all conveniences; handy to school, factory and rail; terms arranged to suit purchaser; apply early for particulars. acres well grassed, watered, fenced and subdivided; good house, cowshed, yards, all conveniences; handy to school, factory and rail; terms arranged to suit purchaser; apply early for particulars. acres well grassed, watered, fenced and subdivided; good house, cowshed, yards, all conveniences; handy to school, factory and rail; terms arranged to suit purchaser; apply early for particulars. acres well grassed, watered, fenced and subdivided; good house, cowshed, yards, all conveniences; handy to school, factory and rail; terms arranged to suit purchaser; apply early for particulars.
631 ACRES, O.R.P. at 30s., 300 grass, balance bush, 8 paddocks, house, yards and trucks. £2 per acre. Terms arranged. acres well grassed, watered, fenced and subdivided; good house, cowshed, yards, all conveniences; handy to school, factory and rail; terms arranged to suit purchaser; apply early for particulars. acres well grassed, watered, fenced and subdivided; good house, cowshed, yards, all conveniences; handy to school, factory and rail; terms arranged to suit purchaser; apply early for particulars.
E. C. GUTHRIE, Land Agent, RAETIHI.
1865 ACRES O.R.P. and L.I.P., good grazing country on metalled road, in Taranaki district, 7-roomed house with all modern conveniences. acres well grassed, watered, fenced and subdivided; good house, cowshed, yards, all conveniences; handy to school, factory and rail; terms arranged to suit purchaser; apply early for particulars. acres well grassed, watered, fenced and subdivided; good house, cowshed, yards, all conveniences; handy to school, factory and rail; terms arranged to suit purchaser; apply early for particulars. acres well grassed, watered, fenced and subdivided; good house, cowshed, yards, all conveniences; handy to school, factory and rail; terms arranged to suit purchaser; apply early for particulars.
598 ACRES, O.R.P., good grazing country, on good metalled road in Taranaki; 5-roomed house. DON'T MISS IT. acres well grassed, watered, fenced and subdivided; good house, cowshed, yards, all conveniences; handy to school, factory and rail; terms arranged to suit purchaser; apply early for particulars. acres well grassed, watered, fenced and subdivided; good house, cowshed, yards, all conveniences; handy to school, factory and rail; terms arranged to suit purchaser; apply early for particulars. acres well grassed, watered, fenced and subdivided; good house, cowshed, yards, all conveniences; handy to school, factory and rail; terms arranged to suit purchaser; apply early for particulars. acres well grassed, watered, fenced and subdivided; good house, cowshed, yards, all conveniences; handy to school, factory and rail; terms arranged to suit purchaser; apply early for particulars.
FOLEY AND JAGO, Stratford.
A CHEAP PROPERTY.
2234 ACRES of first-class Limestone and Papa Country. Between 1300 and 1600 acres in grass; 5-roomed house, woolshed, yards. acres well grassed, watered, fenced and subdivided; good house, cowshed, yards, all conveniences; handy to school, factory and rail; terms arranged to suit purchaser; apply early for particulars. acres well grassed, watered, fenced and subdivided; good house, cowshed, yards, all conveniences; handy to school, factory and rail; terms arranged to suit purchaser; apply early for particulars.
MATTHEW AND LUKE, P.O. Box 135, Te Kuiti.
DAIRY FARM. THE BEST QUALITY PROCURABLE.
86 ACRES, all in grass, permanently watered, well fenced and divided; good 7-roomed bungalow, 6 stall cowshed with engine. Terms £6000 cash, balance 5 years at 5½ per cent. acres well grassed, watered, fenced and subdivided; good house, cowshed, yards, all conveniences; handy to school, factory and rail; terms arranged to suit purchaser; apply early for particulars. acres well grassed, watered, fenced and subdivided; good house, cowshed, yards, all conveniences; handy to school, factory and rail; terms arranged to suit purchaser; apply early for particulars. acres well grassed, watered, fenced and subdivided; good house, cowshed, yards, all conveniences; handy to school, factory and rail; terms arranged to suit purchaser; apply early for particulars.
DALGETY AND CO., LIMITED, Palmerston North.
JOPLIN, STALLARD, AND CARMICHAEL, LTD., Levin.
155 ACRES, Manawatu, river land, all in best of grasses, carrying 120 cows and heifers, 10 acres swedes. Price £60 per acre. acres well grassed, watered, fenced and subdivided; good house, cowshed, yards, all conveniences; handy to school, factory and rail; terms arranged to suit purchaser; apply early for particulars. acres well grassed, watered, fenced and subdivided; good house, cowshed, yards, all conveniences; handy to school, factory and rail; terms arranged to suit purchaser; apply early for particulars. acres well grassed, watered, fenced and subdivided; good house, cowshed, yards, all conveniences; handy to school, factory and rail; terms arranged to suit purchaser; apply early for particulars. acres well grassed, watered, fenced and subdivided; good house, cowshed, yards, all conveniences; handy to school, factory and rail; terms arranged to suit purchaser; apply early for particulars.
SHEEP AND CATTLE FARM.
600 ACRES in grass, except a few acres lucerne, 12 paddocks, 400 acres ploughable, homestead, woolshed, sheep yards. acres well grassed, watered, fenced and subdivided; good house, cowshed, yards, all conveniences; handy to school, factory and rail; terms arranged to suit purchaser; apply early for particulars. acres well grassed, watered, fenced and subdivided; good house, cowshed, yards, all conveniences; handy to school, factory and rail; terms arranged to suit purchaser; apply early for particulars.
E. M. SMITH (Successor to Gilchrist and Kidd), 21 Rangitikei Street, Palmerston North.
A SNIP.
1799 ACRES of excellent sheep country, accessible by good motor and road well subdivided with ring fencing, carrying capacity 3000. acres well grassed, watered, fenced and subdivided; good house, cowshed, yards, all conveniences; handy to school, factory and rail; terms arranged to suit purchaser; apply early for particulars. acres well grassed, watered, fenced and subdivided; good house, cowshed, yards, all conveniences; handy to school, factory and rail; terms arranged to suit purchaser; apply early for particulars. acres well grassed, watered, fenced and subdivided; good house, cowshed, yards, all conveniences; handy to school, factory and rail; terms arranged to suit purchaser; apply early for particulars.
JAMES AND GILLMAN, Stock, Finance and Land Agents, Hastings.
RURAL LAND FOR SALE.
£1600. £5000. £1800.
A GOOD DAIRY FARM AT A REASONABLE PRICE. acres well grassed, watered, fenced and subdivided; good house, cowshed, yards, all conveniences; handy to school, factory and rail; terms arranged to suit purchaser; apply early for particulars. acres well grassed, watered, fenced and subdivided; good house, cowshed, yards, all conveniences; handy to school, factory and rail; terms arranged to suit purchaser; apply early for particulars.
200 ACRES, well grassed and watered, well subdivided, good dwelling with all conveniences; good sheds and yards. Don't write - wire, when you can inspect. acres well grassed, watered, fenced and subdivided; good house, cowshed, yards, all conveniences; handy to school, factory and rail; terms arranged to suit purchaser; apply early for particulars. acres well grassed, watered, fenced and subdivided; good house, cowshed, yards, all conveniences; handy to school, factory and rail; terms arranged to suit purchaser; apply early for particulars. acres well grassed, watered, fenced and subdivided; good house, cowshed, yards, all conveniences; handy to school, factory and rail; terms arranged to suit purchaser; apply early for particulars.
FAITH'S FARM AGENCY (Supply Stores), TE HORO.
PICK OF THE WAIKATO. TE AWAMUTU - GOING CONCERN.
150 ACRES, all in grass except 18 acres crop, all ploughable; close to township, school and every convenience; good 6-roomed house. acres well grassed, watered, fenced and subdivided; good house, cowshed, yards, all conveniences; handy to school, factory and rail; terms arranged to suit purchaser; apply early for particulars. acres well grassed, watered, fenced and subdivided; good house, cowshed, yards, all conveniences; handy to school, factory and rail; terms arranged to suit purchaser; apply early for particulars. acres well grassed, watered, fenced and subdivided; good house, cowshed, yards, all conveniences; handy to school, factory and rail; terms arranged to suit purchaser; apply early for particulars. acres well grassed, watered, fenced and subdivided; good house, cowshed, yards, all conveniences; handy to school, factory and rail; terms arranged to suit purchaser; apply early for particulars.
CHEAP DAIRY FARM, £30 PER ACRE.
200 ACRES, all in grass, all ploughable, well fenced and watered, close to school and factory; good 4-roomed house. Price £30 per acre. acres well grassed, watered, fenced and subdivided; good house, cowshed, yards, all conveniences; handy to school, factory and rail; terms arranged to suit purchaser; apply early for particulars. acres well grassed, watered, fenced and subdivided; good house, cowshed, yards, all conveniences; handy to school, factory and rail; terms arranged to suit purchaser; apply early for particulars.
CLOSE TO DRIED MILK FACTORY.
100 ACRES, only 3 miles from Te Awamutu, all grass, mostly river flat splendidly divided by live hedges. Price £90 per acre. acres well grassed, watered, fenced and subdivided; good house, cowshed, yards, all conveniences; handy to school, factory and rail; terms arranged to suit purchaser; apply early for particulars. acres well grassed, watered, fenced and subdivided; good house, cowshed, yards, all conveniences; handy to school, factory and rail; terms arranged to suit purchaser; apply early for particulars. acres well grassed, watered, fenced and subdivided; good house, cowshed, yards, all conveniences; handy to school, factory and rail; terms arranged to suit purchaser; apply early for particulars.
H. LEWIS, Land Agent, Te Awamutu.
SOMETHING CHOICE.
517 ACRES, Taranaki, all grass excepting shelter bush and 20 acres swedes, the land is very easy undulating and absolutely good country. SOMETHING CHOICE. acres well grassed, watered, fenced and subdivided; good house, cowshed, yards, all conveniences; handy to school, factory and rail; terms arranged to suit purchaser; apply early for particulars. acres well grassed, watered, fenced and subdivided; good house, cowshed, yards, all conveniences; handy to school, factory and rail; terms arranged to suit purchaser; apply early for particulars. acres well grassed, watered, fenced and subdivided; good house, cowshed, yards, all conveniences; handy to school, factory and rail; terms arranged to suit purchaser; apply early for particulars. acres well grassed, watered, fenced and subdivided; good house, cowshed, yards, all conveniences; handy to school, factory and rail; terms arranged to suit purchaser; apply early for particulars.
STANLEY R. READ, Real Estate Agent and Auctioneer, 16-18 Ridgway Street, Wanganui.
1000 ACRES, of Hawke's Bay sheep and cattle country; all easy country, about half being ploughable; good portion limestone formation; 10 acres crop, splendid land. acres well grassed, watered, fenced and subdivided; good house, cowshed, yards, all conveniences; handy to school, factory and rail; terms arranged to suit purchaser; apply early for particulars. acres well grassed, watered, fenced and subdivided; good house, cowshed, yards, all conveniences; handy to school, factory and rail; terms arranged to suit purchaser; apply early for particulars.
A. J. G. RUNCIMAN, Dannevirke.
950 ACRES, splendid fattening or dairying country; 450 acres of rich, good, ploughable flats; over 200 cows could be milked; 13 miles to sale yards. acres well grassed, watered, fenced and subdivided; good house, cowshed, yards, all conveniences; handy to school, factory and rail; terms arranged to suit purchaser; apply early for particulars. acres well grassed, watered, fenced and subdivided; good house, cowshed, yards, all conveniences; handy to school, factory and rail; terms arranged to suit purchaser; apply early for particulars. acres well grassed, watered, fenced and subdivided; good house, cowshed, yards, all conveniences; handy to school, factory and rail; terms arranged to suit purchaser; apply early for particulars.
140 ACRES, close to Eltham, well subdivided, 6 paddocks, good house, rich grazing. acres well grassed, watered, fenced and subdivided; good house, cowshed, yards, all conveniences; handy to school, factory and rail; terms arranged to suit purchaser; apply early for particulars. acres well grassed, watered, fenced and subdivided; good house, cowshed, yards, all conveniences; handy to school, factory and rail; terms arranged to suit purchaser; apply early for particulars. acres well grassed, watered, fenced and subdivided; good house, cowshed, yards, all conveniences; handy to school, factory and rail; terms arranged to suit purchaser; apply early for particulars. acres well grassed, watered, fenced and subdivided; good house, cowshed, yards, all conveniences; handy to school, factory and rail; terms arranged to suit purchaser; apply early for particulars.
DAIRY FARM FOR SALE.
107 ACRES O.R.L. at 2s. 9d. per acre, 7 miles Stratford, near township, 2 acres in oats and grass, balance in grass. acres well grassed, watered, fenced and subdivided; good house, cowshed, yards, all conveniences; handy to school, factory and rail; terms arranged to suit purchaser; apply early for particulars. acres well grassed, watered, fenced and subdivided; good house, cowshed, yards, all conveniences; handy to school, factory and rail; terms arranged to suit purchaser; apply early for particulars.
B. J. SCOTT, Land Agent, Waipawa.
HAWKE'S BAY SHEEP COUNTRY. READ THIS.
600 ACRES, practically all in grass, limestone formation, in Wanganui; good house, woolshed, yards, dip; well watered; about 80 acres ploughable; all in good heart. acres well grassed, watered, fenced and subdivided; good house, cowshed, yards, all conveniences; handy to school, factory and rail; terms arranged to suit purchaser; apply early for particulars. acres well grassed, watered, fenced and subdivided; good house, cowshed, yards, all conveniences; handy to school, factory and rail; terms arranged to suit purchaser; apply early for particulars. acres well grassed, watered, fenced and subdivided; good house, cowshed, yards, all conveniences; handy to school, factory and rail; terms arranged to suit purchaser; apply early for particulars.
HICKS AND BULL, LTD., Farm Tenders, WANGANUI.
RURAL LAND FOR SALE.
TAUMARUNUI DISTRICT.
1140 ACRES, O.R.P. AT 15s. 6d. PER ACRE. THIRTEEN MILES FROM TAUMARUNUI. All in grass, about 100 acres ploughable, balance easy hills. Splendid grazing country. Price £25 per acre. £6000 cash required. acres well grassed, watered, fenced and subdivided; good house, cowshed, yards, all conveniences; handy to school, factory and rail; terms arranged to suit purchaser; apply early for particulars. acres well grassed, watered, fenced and subdivided; good house, cowshed, yards, all conveniences; handy to school, factory and rail; terms arranged to suit purchaser; apply early for particulars. acres well grassed, watered, fenced and subdivided; good house, cowshed, yards, all conveniences; handy to school, factory and rail; terms arranged to suit purchaser; apply early for particulars.
GOODWILL £30 PER ACRE WITH £1500 CASH.
FRANK L. ASHOLT AND CO., Land Agents, King's Chambers, Wellington.
WALK IN - WALK OUT.
330 ACRES, Freehold, easy rolling country; good 6-roomed house; 6 double-bail cowshed with machines, all in good grass; carrying 70 cows. acres well grassed, watered, fenced and subdivided; good house, cowshed, yards, all conveniences; handy to school, factory and rail; terms arranged to suit purchaser; apply early for particulars. acres well grassed, watered, fenced and subdivided; good house, cowshed, yards, all conveniences; handy to school, factory and rail; terms arranged to suit purchaser; apply early for particulars.
A. L. HUNTER AND CO., Land and General Commission Agents, P.O. Box 217, King Street, New Plymouth.
SOMETHING SOUND.
300 ACRES, with 6-roomed house, with all modern conveniences; new cow-byre, concrete floor, milking machines; good outbuildings. Price £44 per acre. acres well grassed, watered, fenced and subdivided; good house, cowshed, yards, all conveniences; handy to school, factory and rail; terms arranged to suit purchaser; apply early for particulars. acres well grassed, watered, fenced and subdivided; good house, cowshed, yards, all conveniences; handy to school, factory and rail; terms arranged to suit purchaser; apply early for particulars. acres well grassed, watered, fenced and subdivided; good house, cowshed, yards, all conveniences; handy to school, factory and rail; terms arranged to suit purchaser; apply early for particulars.
A. L. NOLAN AND CO., Land Agents, Devon Street, New Plymouth.
180 ACRES of Freehold Land, situated within two miles of cheese and butter factory; 6-roomed house; 40 acres in crop; fences good. acres well grassed, watered, fenced and subdivided; good house, cowshed, yards, all conveniences; handy to school, factory and rail; terms arranged to suit purchaser; apply early for particulars. acres well grassed, watered, fenced and subdivided; good house, cowshed, yards, all conveniences; handy to school, factory and rail; terms arranged to suit purchaser; apply early for particulars. acres well grassed, watered, fenced and subdivided; good house, cowshed, yards, all conveniences; handy to school, factory and rail; terms arranged to suit purchaser; apply early for particulars. acres well grassed, watered, fenced and subdivided; good house, cowshed, yards, all conveniences; handy to school, factory and rail; terms arranged to suit purchaser; apply early for particulars.
CAMPBELL, JOHNSON AND BENT, WOOD. Broadway, Stratford.
LAND AND PROPERTY BUREAU, 232 Lambton Quay. WELLINGTON. FARMERS AND INTENDING FARMERS SEE US IF YOU WANT THE BEST.
168 ACRES, New Plymouth district, in grass and crop. Price £40 per acre. acres well grassed, watered, fenced and subdivided; good house, cowshed, yards, all conveniences; handy to school, factory and rail; terms arranged to suit purchaser; apply early for particulars. acres well grassed, watered, fenced and subdivided; good house, cowshed, yards, all conveniences; handy to school, factory and rail; terms arranged to suit purchaser; apply early for particulars.
140 ACRES, Manawatu, good house and conveniences. Price £50 per acre. acres well grassed, watered, fenced and subdivided; good house, cowshed, yards, all conveniences; handy to school, factory and rail; terms arranged to suit purchaser; apply early for particulars. acres well grassed, watered, fenced and subdivided; good house, cowshed, yards, all conveniences; handy to school, factory and rail; terms arranged to suit purchaser; apply early for particulars. acres well grassed, watered, fenced and subdivided; good house, cowshed, yards, all conveniences; handy to school, factory and rail; terms arranged to suit purchaser; apply early for particulars.
WELLINGTON RETURNED SOLDIERS' ASSOCIATION.
GOOD FRESH WINTER FEED.
200 ACRES, good grass land, all in one block, close to railway, good dwelling, well watered. acres well grassed, watered, fenced and subdivided; good house, cowshed, yards, all conveniences; handy to school, factory and rail; terms arranged to suit purchaser; apply early for particulars. acres well grassed, watered, fenced and subdivided; good house, cowshed, yards, all conveniences; handy to school, factory and rail; terms arranged to suit purchaser; apply early for particulars. acres well grassed, watered, fenced and subdivided; good house, cowshed, yards, all conveniences; handy to school, factory and rail; terms arranged to suit purchaser; apply early for particulars. acres well grassed, watered, fenced and subdivided; good house, cowshed, yards, all conveniences; handy to school, factory and rail; terms arranged to suit purchaser; apply early for particulars.
J. B. WILTON AND CO., Agents, Levin.
265 ACRES, all in grass, rolling country with level ploughable flats; 5-roomed house. Price £35 per acre. acres well grassed, watered, fenced and subdivided; good house, cowshed, yards, all conveniences; handy to school, factory and rail; terms arranged to suit purchaser; apply early for particulars. acres well grassed, watered, fenced and subdivided; good house, cowshed, yards, all conveniences; handy to school, factory and rail; terms arranged to suit purchaser; apply early for particulars.
M'CLOGAGE AND CO., Stratford.
FOR FURTHER LAND NOTICES SEE PAGE 6.
